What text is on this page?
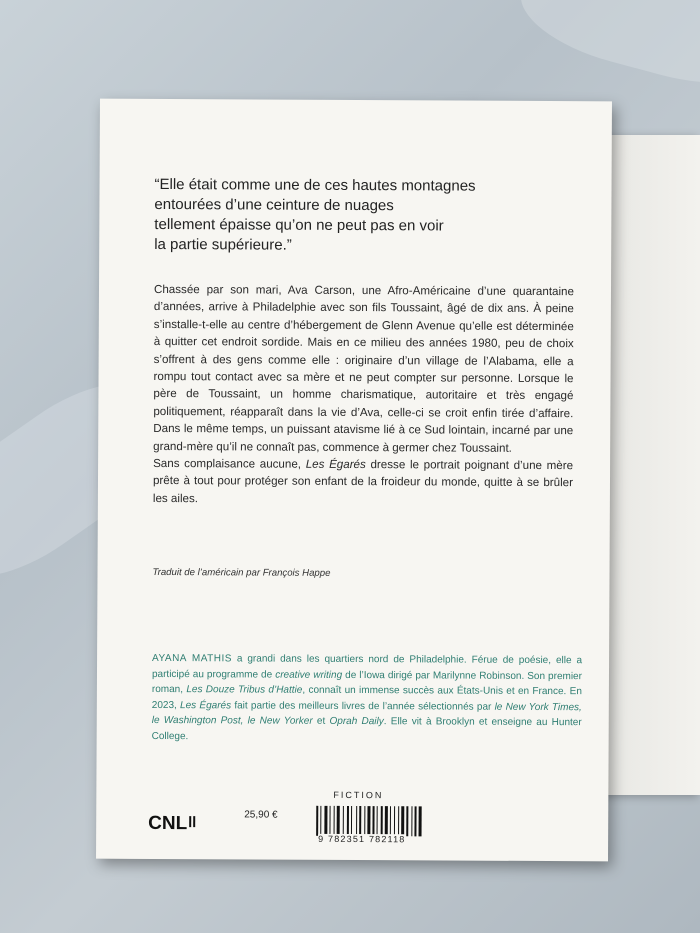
“Elle était comme une de ces hautes montagnes
entourées d’une ceinture de nuages
tellement épaisse qu’on ne peut pas en voir
la partie supérieure.”

Chassée par son mari, Ava Carson, une Afro-Américaine d’une quarantaine d’années, arrive à Philadelphie avec son fils Toussaint, âgé de dix ans. À peine s’installe-t-elle au centre d’hébergement de Glenn Avenue qu’elle est déterminée à quitter cet endroit sordide. Mais en ce milieu des années 1980, peu de choix s’offrent à des gens comme elle : originaire d’un village de l’Alabama, elle a rompu tout contact avec sa mère et ne peut compter sur personne. Lorsque le père de Toussaint, un homme charismatique, autoritaire et très engagé politiquement, réapparaît dans la vie d’Ava, celle-ci se croit enfin tirée d’affaire. Dans le même temps, un puissant atavisme lié à ce Sud lointain, incarné par une grand-mère qu’il ne connaît pas, commence à germer chez Toussaint.

Sans complaisance aucune, Les Égarés dresse le portrait poignant d’une mère prête à tout pour protéger son enfant de la froideur du monde, quitte à se brûler les ailes.

Traduit de l’américain par François Happe
AYANA MATHIS a grandi dans les quartiers nord de Philadelphie. Férue de poésie, elle a participé au programme de creative writing de l’Iowa dirigé par Marilynne Robinson. Son premier roman, Les Douze Tribus d’Hattie, connaît un immense succès aux États-Unis et en France. En 2023, Les Égarés fait partie des meilleurs livres de l’année sélectionnés par le New York Times, le Washington Post, le New Yorker et Oprah Daily. Elle vit à Brooklyn et enseigne au Hunter College.
FICTION
CNL	25,90 €
9 782351 782118
